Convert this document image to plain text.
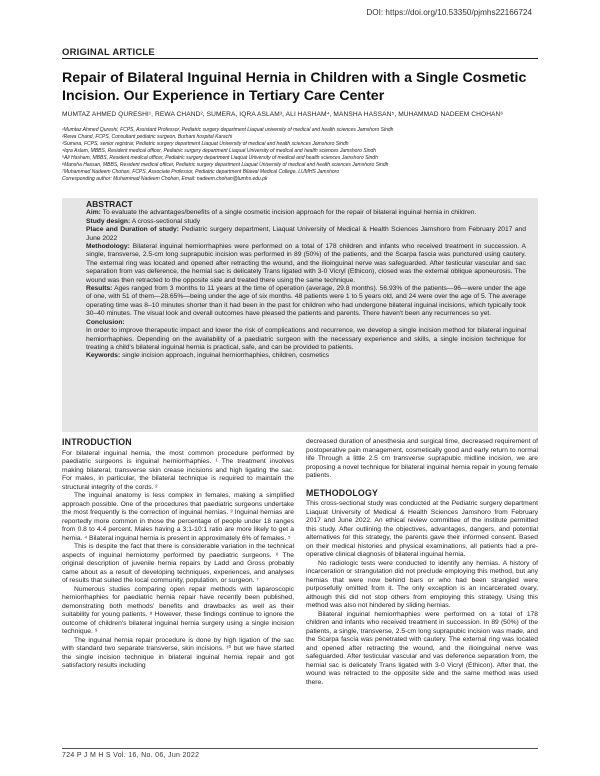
DOI: https://doi.org/10.53350/pjmhs22166724
ORIGINAL ARTICLE
Repair of Bilateral Inguinal Hernia in Children with a Single Cosmetic Incision. Our Experience in Tertiary Care Center
MUMTAZ AHMED QURESHI¹, REWA CHAND², SUMERA, IQRA ASLAM³, ALI HASHAM⁴, MANSHA HASSAN⁵, MUHAMMAD NADEEM CHOHAN⁶
¹Mumtaz Ahmed Qureshi, FCPS, Assistant Professor, Pediatric surgery department Liaquat university of medical and health sciences Jamshoro Sindh
²Rewa Chand, FCPS, Consultant pediatric surgeon, Burhani hospital Karachi
³Sumera, FCPS, senior registrar, Pediatric surgery department Liaquat University of medical and health sciences Jamshoro Sindh
⁴Iqra Aslam, MBBS, Resident medical officer, Pediatric surgery department Liaquat University of medical and health sciences Jamshoro Sindh
⁵Ali Hasham, MBBS, Resident medical officer, Pediatric surgery department Liaquat University of medical and health sciences Jamshoro Sindh
⁶Mansha Hassan, MBBS, Resident medical officer, Pediatric surgery department Liaquat University of medical and health sciences Jamshoro Sindh
⁷Muhammad Nadeem Chohan, FCPS, Associate Professor, Pediatric department Bilawal Medical College, LUMHS Jamshoro
Corresponding author: Muhammad Nadeem Chohan, Email: nadeem.chohan@lumhs.edu.pk
ABSTRACT

Aim: To evaluate the advantages/benefits of a single cosmetic incision approach for the repair of bilateral inguinal hernia in children.

Study design: A cross-sectional study

Place and Duration of study: Pediatric surgery department, Liaquat University of Medical & Health Sciences Jamshoro from February 2017 and June 2022

Methodology: Bilateral inguinal hemiorrhaphies were performed on a total of 178 children and infants who received treatment in succession. A single, transverse, 2.5-cm long suprapubic incision was performed in 89 (50%) of the patients, and the Scarpa fascia was punctured using cautery. The external ring was located and opened after retracting the wound, and the ilioinguinal nerve was safeguarded. After testicular vascular and sac separation from vas deference, the hernial sac is delicately Trans ligated with 3-0 Vicryl (Ethicon), closed was the external oblique aponeurosis. The wound was then retracted to the opposite side and treated there using the same technique.

Results: Ages ranged from 3 months to 11 years at the time of operation (average, 29.8 months). 56.93% of the patients—96—were under the age of one, with 51 of them—28.65%—being under the age of six months. 48 patients were 1 to 5 years old, and 24 were over the age of 5. The average operating time was 8–10 minutes shorter than it had been in the past for children who had undergone bilateral inguinal incisions, which typically took 30–40 minutes. The visual look and overall outcomes have pleased the patients and parents. There haven't been any recurrences so yet.

Conclusion:
In order to improve therapeutic impact and lower the risk of complications and recurrence, we develop a single incision method for bilateral inguinal hemiorrhaphies. Depending on the availability of a paediatric surgeon with the necessary experience and skills, a single incision technique for treating a child's bilateral inguinal hernia is practical, safe, and can be provided to patients.

Keywords: single incision approach, inguinal herniorrhaphies, children, cosmetics

INTRODUCTION

For bilateral inguinal hernia, the most common procedure performed by paediatric surgeons is inguinal herniorrhaphies. ¹ The treatment involves making bilateral, transverse skin crease incisions and high ligating the sac. For males, in particular, the bilateral technique is required to maintain the structural integrity of the cords. ²

The inguinal anatomy is less complex in females, making a simplified approach possible. One of the procedures that paediatric surgeons undertake the most frequently is the correction of inguinal hernias. ³ Inguinal hernias are reportedly more common in those the percentage of people under 18 ranges from 0.8 to 4.4 percent. Males having a 3:1-10:1 ratio are more likely to get a hernia. ⁴ Bilateral inguinal hernia is present in approximately 6% of females. ⁵

This is despite the fact that there is considerable variation in the technical aspects of inguinal herniotomy performed by paediatric surgeons. ⁶ The original description of juvenile hernia repairs by Ladd and Gross probably came about as a result of developing techniques, experiences, and analyses of results that suited the local community, population, or surgeon. ⁷

Numerous studies comparing open repair methods with laparoscopic herniorrhaphies for paediatric hernia repair have recently been published, demonstrating both methods' benefits and drawbacks as well as their suitability for young patients. ⁸ However, these findings continue to ignore the outcome of children's bilateral inguinal hernia surgery using a single incision technique. ⁹

The inguinal hernia repair procedure is done by high ligation of the sac with standard two separate transverse, skin incisions. ¹⁰ but we have started the single incision technique in bilateral inguinal hernia repair and got satisfactory results including

decreased duration of anesthesia and surgical time, decreased requirement of postoperative pain management, cosmetically good and early return to normal life Through a little 2.5 cm transverse suprapubic midline incision, we are proposing a novel technique for bilateral inguinal hernia repair in young female patients.

METHODOLOGY

This cross-sectional study was conducted at the Pediatric surgery department Liaquat University of Medical & Health Sciences Jamshoro from February 2017 and June 2022. An ethical review committee of the institute permitted this study. After outlining the objectives, advantages, dangers, and potential alternatives for this strategy, the parents gave their informed consent. Based on their medical histories and physical examinations, all patients had a pre-operative clinical diagnosis of bilateral inguinal hernia.

No radiologic tests were conducted to identify any hernias. A history of incarceration or strangulation did not preclude employing this method, but any hernias that were now behind bars or who had been strangled were purposefully omitted from it. The only exception is an incarcerated ovary, although this did not stop others from employing this strategy. Using this method was also not hindered by sliding hernias.

Bilateral inguinal hemiorrhaphies were performed on a total of 178 children and infants who received treatment in succession. In 89 (50%) of the patients, a single, transverse, 2.5-cm long suprapubic incision was made, and the Scarpa fascia was penetrated with cautery. The external ring was located and opened after retracting the wound, and the ilioinguinal nerve was safeguarded. After testicular vascular and vas deference separation from, the hernial sac is delicately Trans ligated with 3-0 Vicryl (Ethicon). After that, the wound was retracted to the opposite side and the same method was used there.

724 P J M H S Vol. 16, No. 06, Jun 2022
